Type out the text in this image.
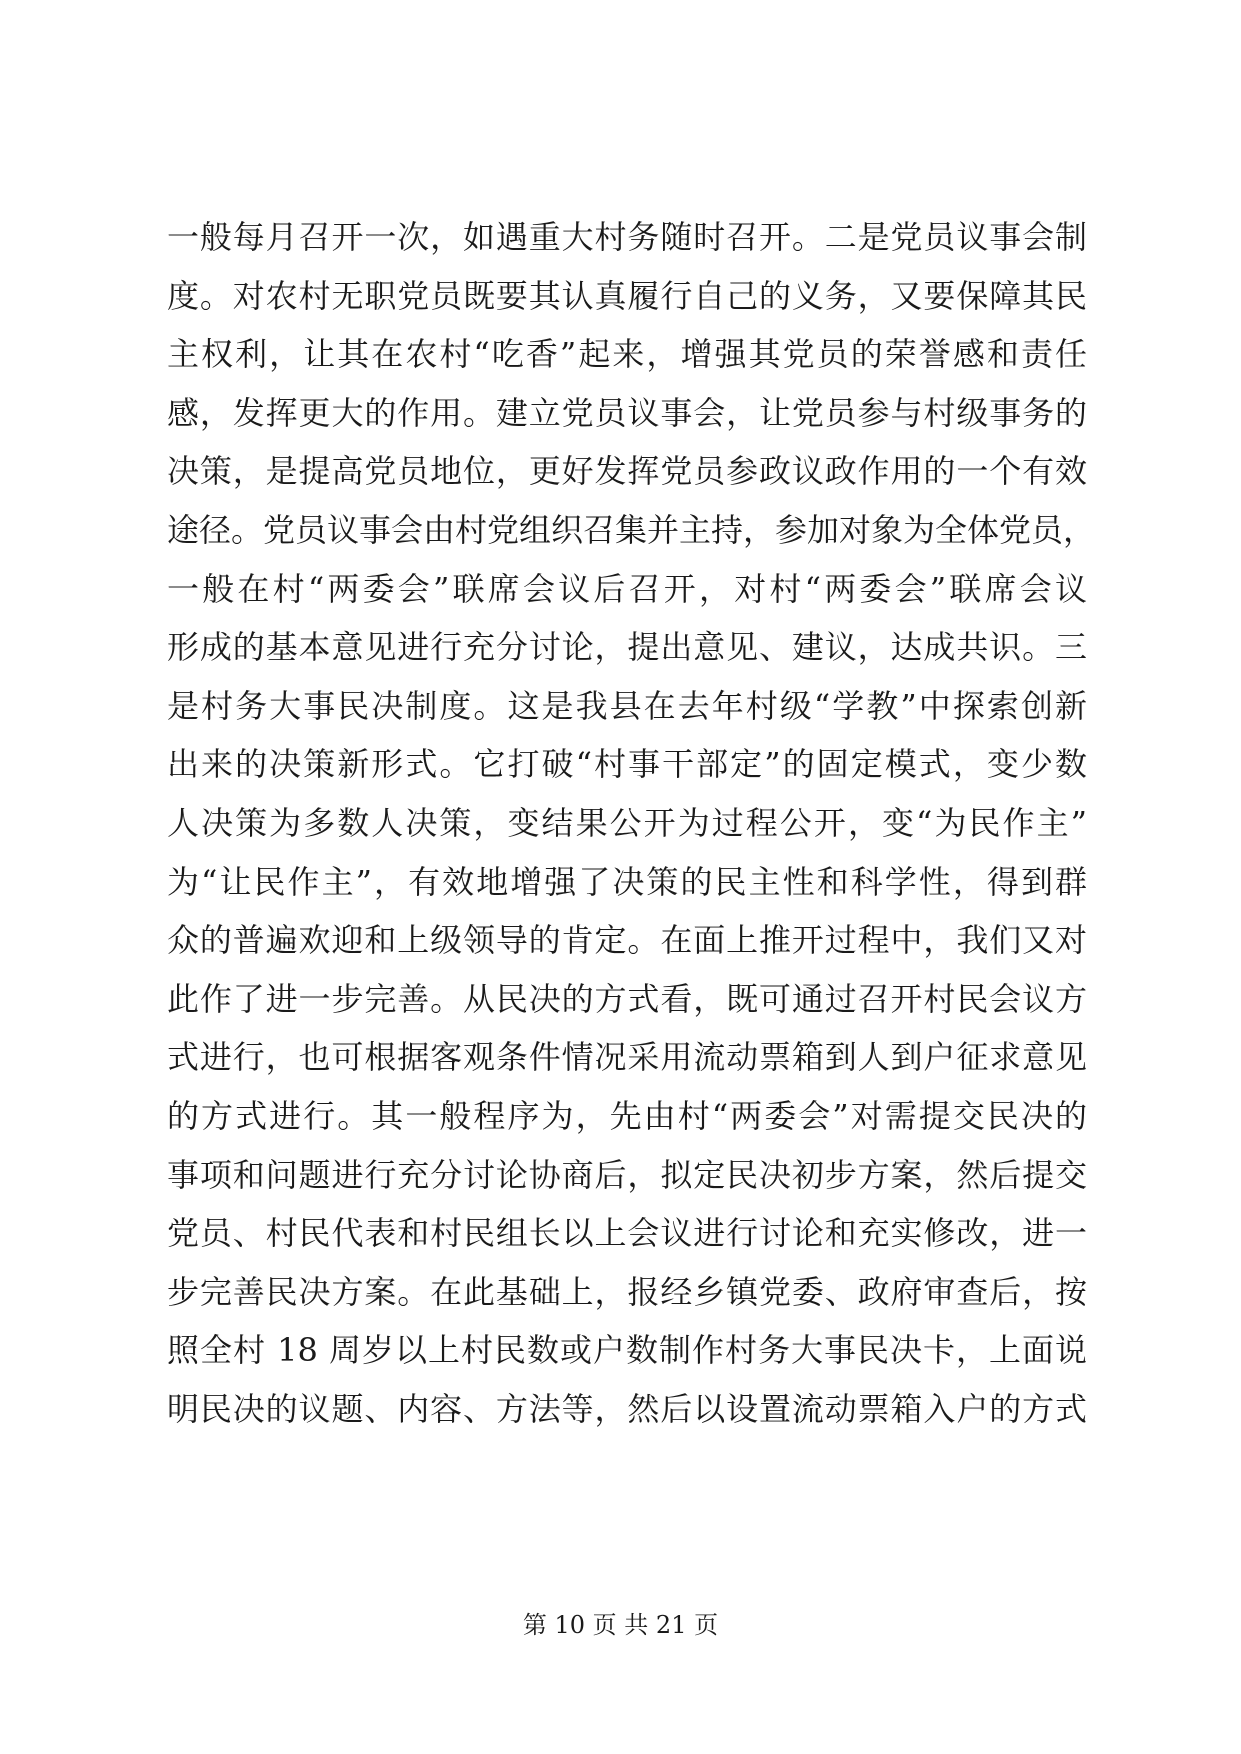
一般每月召开一次，如遇重大村务随时召开。二是党员议事会制
度。对农村无职党员既要其认真履行自己的义务，又要保障其民
主权利，让其在农村“吃香”起来，增强其党员的荣誉感和责任
感，发挥更大的作用。建立党员议事会，让党员参与村级事务的
决策，是提高党员地位，更好发挥党员参政议政作用的一个有效
途径。党员议事会由村党组织召集并主持，参加对象为全体党员，
一般在村“两委会”联席会议后召开，对村“两委会”联席会议
形成的基本意见进行充分讨论，提出意见、建议，达成共识。三
是村务大事民决制度。这是我县在去年村级“学教”中探索创新
出来的决策新形式。它打破“村事干部定”的固定模式，变少数
人决策为多数人决策，变结果公开为过程公开，变“为民作主”
为“让民作主”，有效地增强了决策的民主性和科学性，得到群
众的普遍欢迎和上级领导的肯定。在面上推开过程中，我们又对
此作了进一步完善。从民决的方式看，既可通过召开村民会议方
式进行，也可根据客观条件情况采用流动票箱到人到户征求意见
的方式进行。其一般程序为，先由村“两委会”对需提交民决的
事项和问题进行充分讨论协商后，拟定民决初步方案，然后提交
党员、村民代表和村民组长以上会议进行讨论和充实修改，进一
步完善民决方案。在此基础上，报经乡镇党委、政府审查后，按
照全村 18 周岁以上村民数或户数制作村务大事民决卡，上面说
明民决的议题、内容、方法等，然后以设置流动票箱入户的方式
第 10 页 共 21 页
